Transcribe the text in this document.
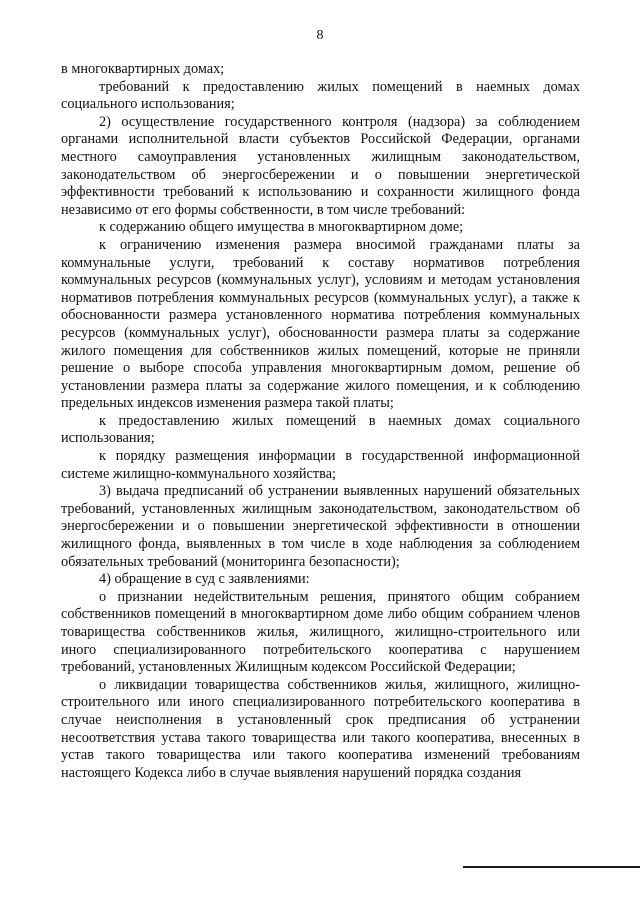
8

в многоквартирных домах;

требований к предоставлению жилых помещений в наемных домах социального использования;

2) осуществление государственного контроля (надзора) за соблюдением органами исполнительной власти субъектов Российской Федерации, органами местного самоуправления установленных жилищным законодательством, законодательством об энергосбережении и о повышении энергетической эффективности требований к использованию и сохранности жилищного фонда независимо от его формы собственности, в том числе требований:

к содержанию общего имущества в многоквартирном доме;

к ограничению изменения размера вносимой гражданами платы за коммунальные услуги, требований к составу нормативов потребления коммунальных ресурсов (коммунальных услуг), условиям и методам установления нормативов потребления коммунальных ресурсов (коммунальных услуг), а также к обоснованности размера установленного норматива потребления коммунальных ресурсов (коммунальных услуг), обоснованности размера платы за содержание жилого помещения для собственников жилых помещений, которые не приняли решение о выборе способа управления многоквартирным домом, решение об установлении размера платы за содержание жилого помещения, и к соблюдению предельных индексов изменения размера такой платы;

к предоставлению жилых помещений в наемных домах социального использования;

к порядку размещения информации в государственной информационной системе жилищно-коммунального хозяйства;

3) выдача предписаний об устранении выявленных нарушений обязательных требований, установленных жилищным законодательством, законодательством об энергосбережении и о повышении энергетической эффективности в отношении жилищного фонда, выявленных в том числе в ходе наблюдения за соблюдением обязательных требований (мониторинга безопасности);

4) обращение в суд с заявлениями:

о признании недействительным решения, принятого общим собранием собственников помещений в многоквартирном доме либо общим собранием членов товарищества собственников жилья, жилищного, жилищно-строительного или иного специализированного потребительского кооператива с нарушением требований, установленных Жилищным кодексом Российской Федерации;

о ликвидации товарищества собственников жилья, жилищного, жилищно-строительного или иного специализированного потребительского кооператива в случае неисполнения в установленный срок предписания об устранении несоответствия устава такого товарищества или такого кооператива, внесенных в устав такого товарищества или такого кооператива изменений требованиям настоящего Кодекса либо в случае выявления нарушений порядка создания
